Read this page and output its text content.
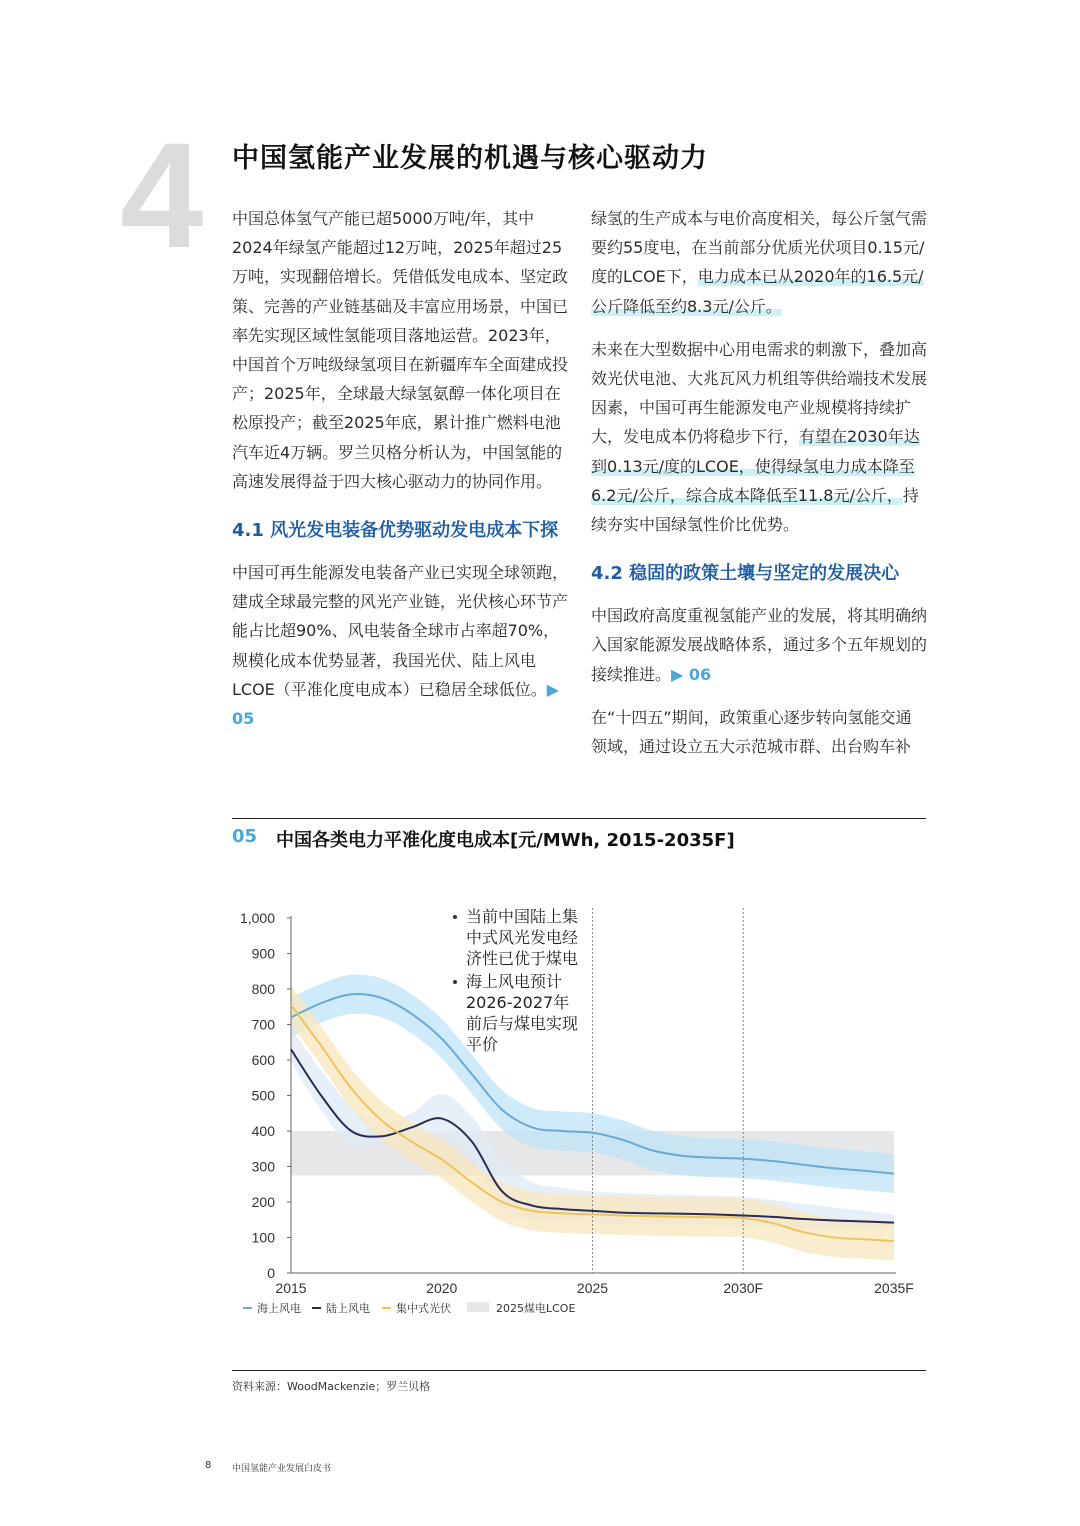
4 中国氢能产业发展的机遇与核心驱动力

中国总体氢气产能已超5000万吨/年，其中2024年绿氢产能超过12万吨，2025年超过25万吨，实现翻倍增长。凭借低发电成本、坚定政策、完善的产业链基础及丰富应用场景，中国已率先实现区域性氢能项目落地运营。2023年，中国首个万吨级绿氢项目在新疆库车全面建成投产；2025年，全球最大绿氢氨醇一体化项目在松原投产；截至2025年底，累计推广燃料电池汽车近4万辆。罗兰贝格分析认为，中国氢能的高速发展得益于四大核心驱动力的协同作用。

4.1 风光发电装备优势驱动发电成本下探

中国可再生能源发电装备产业已实现全球领跑，建成全球最完整的风光产业链，光伏核心环节产能占比超90%、风电装备全球市占率超70%，规模化成本优势显著，我国光伏、陆上风电LCOE（平准化度电成本）已稳居全球低位。▶ 05

绿氢的生产成本与电价高度相关，每公斤氢气需要约55度电，在当前部分优质光伏项目0.15元/度的LCOE下，电力成本已从2020年的16.5元/公斤降低至约8.3元/公斤。

未来在大型数据中心用电需求的刺激下，叠加高效光伏电池、大兆瓦风力机组等供给端技术发展因素，中国可再生能源发电产业规模将持续扩大，发电成本仍将稳步下行，有望在2030年达到0.13元/度的LCOE，使得绿氢电力成本降至6.2元/公斤，综合成本降低至11.8元/公斤，持续夯实中国绿氢性价比优势。

4.2 稳固的政策土壤与坚定的发展决心

中国政府高度重视氢能产业的发展，将其明确纳入国家能源发展战略体系，通过多个五年规划的接续推进。▶ 06

在“十四五”期间，政策重心逐步转向氢能交通领域，通过设立五大示范城市群、出台购车补

05 中国各类电力平准化度电成本[元/MWh, 2015-2035F]
0
100
200
300
400
500
600
700
800
900
1,000
2015	2020	2025	2030F	2035F
当前中国陆上集
中式风光发电经
济性已优于煤电
海上风电预计
2026-2027年
前后与煤电实现
平价
海上风电 陆上风电 集中式光伏	2025煤电LCOE
资料来源：WoodMackenzie；罗兰贝格
8 中国氢能产业发展白皮书
